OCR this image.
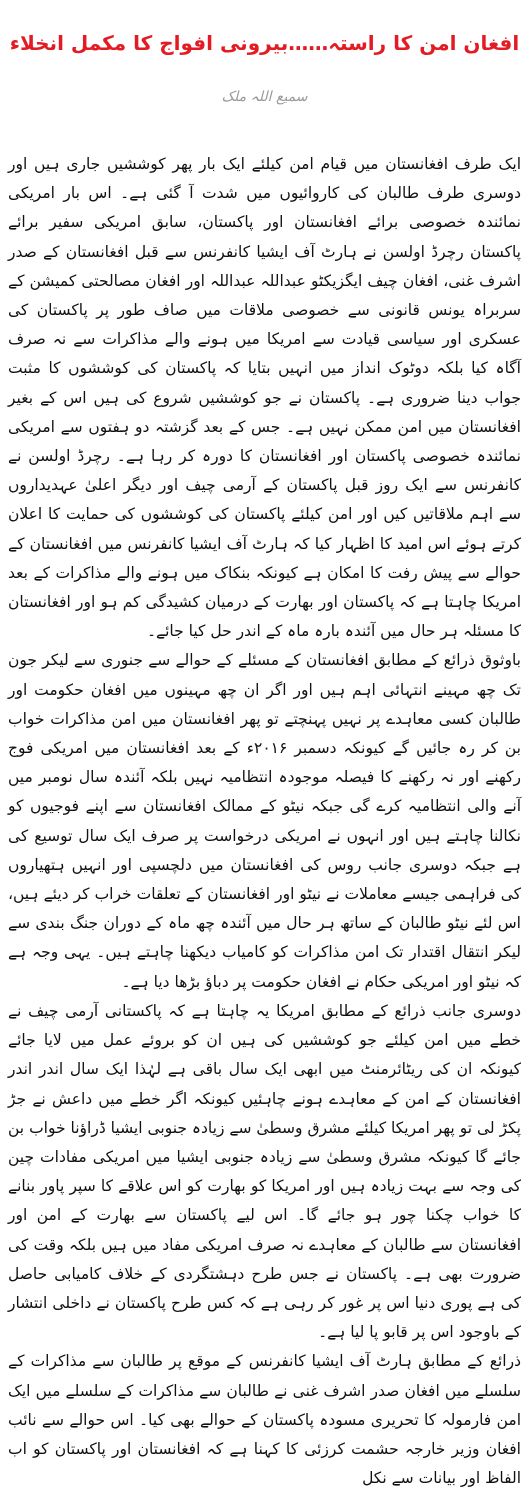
افغان امن کا راستہ……بیرونی افواج کا مکمل انخلاء
سمیع اللہ ملک

ایک طرف افغانستان میں قیام امن کیلئے ایک بار پھر کوششیں جاری ہیں اور دوسری طرف طالبان کی کاروائیوں میں شدت آ گئی ہے۔ اس بار امریکی نمائندہ خصوصی برائے افغانستان اور پاکستان، سابق امریکی سفیر برائے پاکستان رچرڈ اولسن نے ہارٹ آف ایشیا کانفرنس سے قبل افغانستان کے صدر اشرف غنی، افغان چیف ایگزیکٹو عبداللہ عبداللہ اور افغان مصالحتی کمیشن کے سربراہ یونس قانونی سے خصوصی ملاقات میں صاف طور پر پاکستان کی عسکری اور سیاسی قیادت سے امریکا میں ہونے والے مذاکرات سے نہ صرف آگاہ کیا بلکہ دوٹوک انداز میں انہیں بتایا کہ پاکستان کی کوششوں کا مثبت جواب دینا ضروری ہے۔ پاکستان نے جو کوششیں شروع کی ہیں اس کے بغیر افغانستان میں امن ممکن نہیں ہے۔ جس کے بعد گزشتہ دو ہفتوں سے امریکی نمائندہ خصوصی پاکستان اور افغانستان کا دورہ کر رہا ہے۔ رچرڈ اولسن نے کانفرنس سے ایک روز قبل پاکستان کے آرمی چیف اور دیگر اعلیٰ عہدیداروں سے اہم ملاقاتیں کیں اور امن کیلئے پاکستان کی کوششوں کی حمایت کا اعلان کرتے ہوئے اس امید کا اظہار کیا کہ ہارٹ آف ایشیا کانفرنس میں افغانستان کے حوالے سے پیش رفت کا امکان ہے کیونکہ بنکاک میں ہونے والے مذاکرات کے بعد امریکا چاہتا ہے کہ پاکستان اور بھارت کے درمیان کشیدگی کم ہو اور افغانستان کا مسئلہ ہر حال میں آئندہ بارہ ماہ کے اندر حل کیا جائے۔

باوثوق ذرائع کے مطابق افغانستان کے مسئلے کے حوالے سے جنوری سے لیکر جون تک چھ مہینے انتہائی اہم ہیں اور اگر ان چھ مہینوں میں افغان حکومت اور طالبان کسی معاہدے پر نہیں پہنچتے تو پھر افغانستان میں امن مذاکرات خواب بن کر رہ جائیں گے کیونکہ دسمبر ۲۰۱۶ء کے بعد افغانستان میں امریکی فوج رکھنے اور نہ رکھنے کا فیصلہ موجودہ انتظامیہ نہیں بلکہ آئندہ سال نومبر میں آنے والی انتظامیہ کرے گی جبکہ نیٹو کے ممالک افغانستان سے اپنے فوجیوں کو نکالنا چاہتے ہیں اور انہوں نے امریکی درخواست پر صرف ایک سال توسیع کی ہے جبکہ دوسری جانب روس کی افغانستان میں دلچسپی اور انہیں ہتھیاروں کی فراہمی جیسے معاملات نے نیٹو اور افغانستان کے تعلقات خراب کر دیئے ہیں، اس لئے نیٹو طالبان کے ساتھ ہر حال میں آئندہ چھ ماہ کے دوران جنگ بندی سے لیکر انتقال اقتدار تک امن مذاکرات کو کامیاب دیکھنا چاہتے ہیں۔ یہی وجہ ہے کہ نیٹو اور امریکی حکام نے افغان حکومت پر دباؤ بڑھا دیا ہے۔

دوسری جانب ذرائع کے مطابق امریکا یہ چاہتا ہے کہ پاکستانی آرمی چیف نے خطے میں امن کیلئے جو کوششیں کی ہیں ان کو بروئے عمل میں لایا جائے کیونکہ ان کی ریٹائرمنٹ میں ابھی ایک سال باقی ہے لہٰذا ایک سال اندر اندر افغانستان کے امن کے معاہدے ہونے چاہئیں کیونکہ اگر خطے میں داعش نے جڑ پکڑ لی تو پھر امریکا کیلئے مشرق وسطیٰ سے زیادہ جنوبی ایشیا ڈراؤنا خواب بن جائے گا کیونکہ مشرق وسطیٰ سے زیادہ جنوبی ایشیا میں امریکی مفادات چین کی وجہ سے بہت زیادہ ہیں اور امریکا کو بھارت کو اس علاقے کا سپر پاور بنانے کا خواب چکنا چور ہو جائے گا۔ اس لیے پاکستان سے بھارت کے امن اور افغانستان سے طالبان کے معاہدے نہ صرف امریکی مفاد میں ہیں بلکہ وقت کی ضرورت بھی ہے۔ پاکستان نے جس طرح دہشتگردی کے خلاف کامیابی حاصل کی ہے پوری دنیا اس پر غور کر رہی ہے کہ کس طرح پاکستان نے داخلی انتشار کے باوجود اس پر قابو پا لیا ہے۔

ذرائع کے مطابق ہارٹ آف ایشیا کانفرنس کے موقع پر طالبان سے مذاکرات کے سلسلے میں افغان صدر اشرف غنی نے طالبان سے مذاکرات کے سلسلے میں ایک امن فارمولہ کا تحریری مسودہ پاکستان کے حوالے بھی کیا۔ اس حوالے سے نائب افغان وزیر خارجہ حشمت کرزئی کا کہنا ہے کہ افغانستان اور پاکستان کو اب الفاظ اور بیانات سے نکل
